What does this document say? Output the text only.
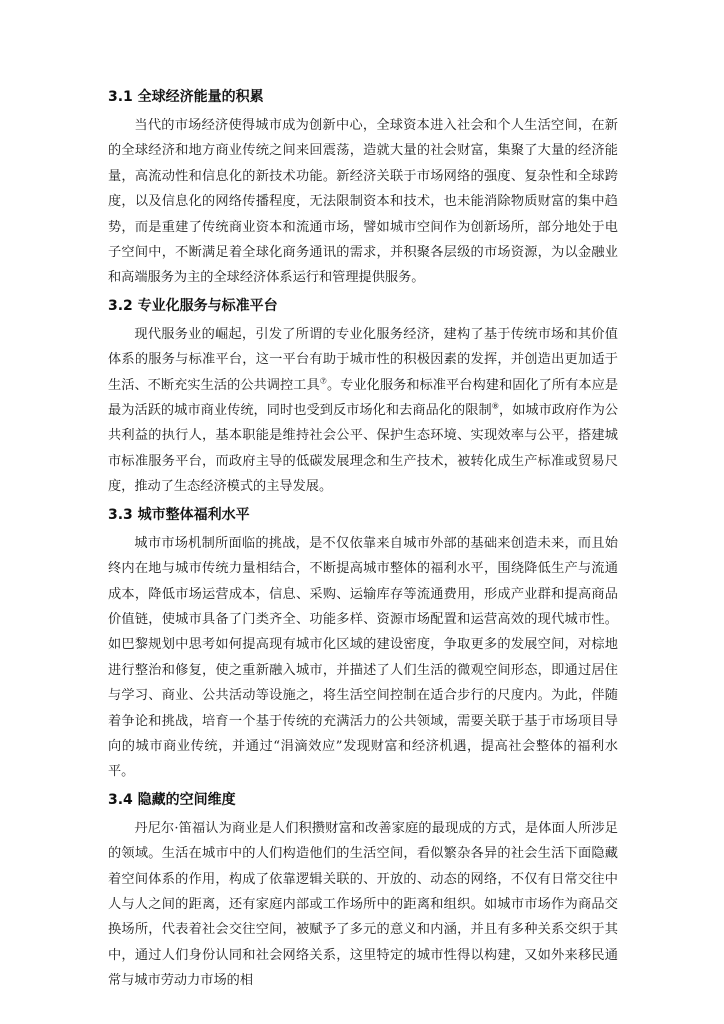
3.1 全球经济能量的积累

当代的市场经济使得城市成为创新中心，全球资本进入社会和个人生活空间，在新的全球经济和地方商业传统之间来回震荡，造就大量的社会财富，集聚了大量的经济能量，高流动性和信息化的新技术功能。新经济关联于市场网络的强度、复杂性和全球跨度，以及信息化的网络传播程度，无法限制资本和技术，也未能消除物质财富的集中趋势，而是重建了传统商业资本和流通市场，譬如城市空间作为创新场所，部分地处于电子空间中，不断满足着全球化商务通讯的需求，并积聚各层级的市场资源，为以金融业和高端服务为主的全球经济体系运行和管理提供服务。

3.2 专业化服务与标准平台

现代服务业的崛起，引发了所谓的专业化服务经济，建构了基于传统市场和其价值体系的服务与标准平台，这一平台有助于城市性的积极因素的发挥，并创造出更加适于生活、不断充实生活的公共调控工具⑦。专业化服务和标准平台构建和固化了所有本应是最为活跃的城市商业传统，同时也受到反市场化和去商品化的限制⑧，如城市政府作为公共利益的执行人，基本职能是维持社会公平、保护生态环境、实现效率与公平，搭建城市标准服务平台，而政府主导的低碳发展理念和生产技术，被转化成生产标准或贸易尺度，推动了生态经济模式的主导发展。

3.3 城市整体福利水平

城市市场机制所面临的挑战，是不仅依靠来自城市外部的基础来创造未来，而且始终内在地与城市传统力量相结合，不断提高城市整体的福利水平，围绕降低生产与流通成本，降低市场运营成本，信息、采购、运输库存等流通费用，形成产业群和提高商品价值链，使城市具备了门类齐全、功能多样、资源市场配置和运营高效的现代城市性。如巴黎规划中思考如何提高现有城市化区域的建设密度，争取更多的发展空间，对棕地进行整治和修复，使之重新融入城市，并描述了人们生活的微观空间形态，即通过居住与学习、商业、公共活动等设施之，将生活空间控制在适合步行的尺度内。为此，伴随着争论和挑战，培育一个基于传统的充满活力的公共领域，需要关联于基于市场项目导向的城市商业传统，并通过“涓滴效应”发现财富和经济机遇，提高社会整体的福利水平。

3.4 隐藏的空间维度

丹尼尔·笛福认为商业是人们积攒财富和改善家庭的最现成的方式，是体面人所涉足的领域。生活在城市中的人们构造他们的生活空间，看似繁杂各异的社会生活下面隐藏着空间体系的作用，构成了依靠逻辑关联的、开放的、动态的网络，不仅有日常交往中人与人之间的距离，还有家庭内部或工作场所中的距离和组织。如城市市场作为商品交换场所，代表着社会交往空间，被赋予了多元的意义和内涵，并且有多种关系交织于其中，通过人们身份认同和社会网络关系，这里特定的城市性得以构建，又如外来移民通常与城市劳动力市场的相
